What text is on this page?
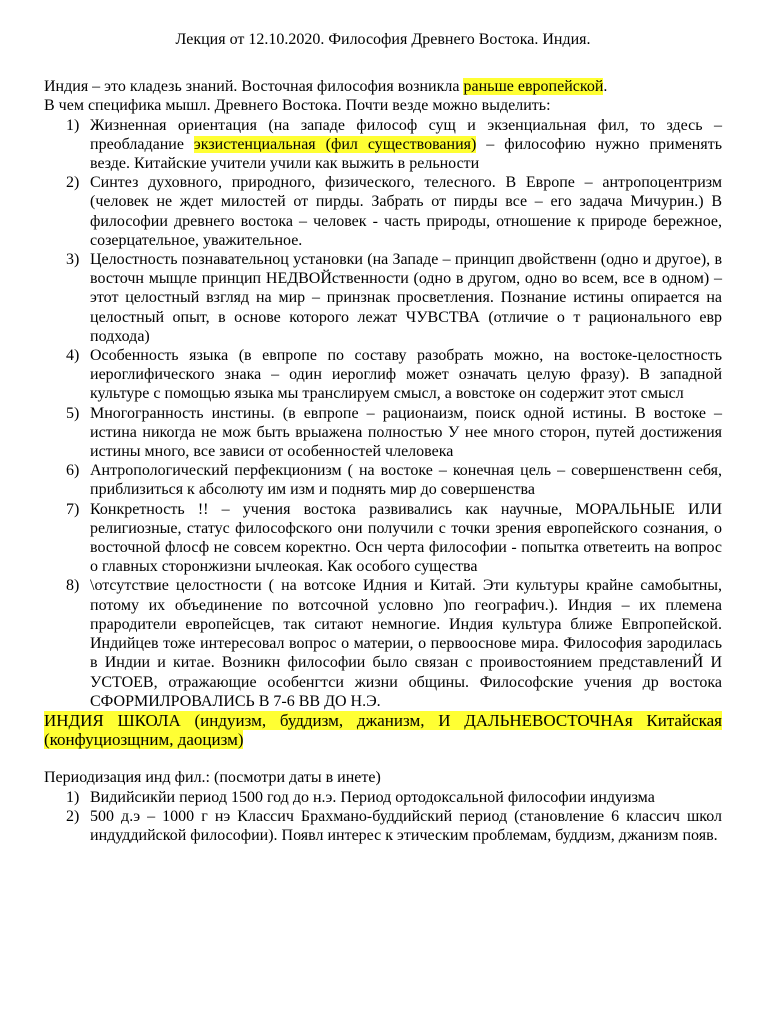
Лекция от 12.10.2020. Философия Древнего Востока. Индия.

Индия – это кладезь знаний. Восточная философия возникла раньше европейской.

В чем специфика мышл. Древнего Востока. Почти везде можно выделить:

1) Жизненная ориентация (на западе философ сущ и экзенциальная фил, то здесь – преобладание экзистенциальная (фил существования) – философию нужно применять везде. Китайские учители учили как выжить в рельности
2) Синтез духовного, природного, физического, телесного. В Европе – антропоцентризм (человек не ждет милостей от пирды. Забрать от пирды все – его задача Мичурин.) В философии древнего востока – человек - часть природы, отношение к природе бережное, созерцательное, уважительное.
3) Целостность познавательноц установки (на Западе – принцип двойственн (одно и другое), в восточн мыщле принцип НЕДВОЙственности (одно в другом, одно во всем, все в одном) – этот целостный взгляд на мир – принзнак просветления. Познание истины опирается на целостный опыт, в основе которого лежат ЧУВСТВА (отличие о т рационального евр подхода)
4) Особенность языка (в евпропе по составу разобрать можно, на востоке-целостность иероглифического знака – один иероглиф может означать целую фразу). В западной культуре с помощью языка мы транслируем смысл, а вовстоке он содержит этот смысл
5) Многогранность инстины. (в евпропе – рационаизм, поиск одной истины. В востоке – истина никогда не мож быть врыажена полностью У нее много сторон, путей достижения истины много, все зависи от особенностей члеловека
6) Антропологический перфекционизм ( на востоке – конечная цель – совершенственн себя, приблизиться к абсолюту им изм и поднять мир до совершенства
7) Конкретность !! – учения востока развивались как научные, МОРАЛЬНЫЕ ИЛИ религиозные, статус философского они получили с точки зрения европейского сознания, о восточной флосф не совсем коректно. Осн черта философии - попытка ответеить на вопрос о главных сторонжизни ычлеокая. Как особого существа
8) \отсутствие целостности ( на вотсоке Идния и Китай. Эти культуры крайне самобытны, потому их объединение по вотсочной условно )по географич.). Индия – их племена прародители европейсцев, так ситают немногие. Индия культура ближе Евпропейской. Индийцев тоже интересовал вопрос о материи, о первооснове мира. Философия зародилась в Индии и китае. Возникн философии было связан с проивостоянием представлениЙ И УСТОЕВ, отражающие особенгтси жизни общины. Философские учения др востока СФОРМИЛРОВАЛИСЬ В 7-6 ВВ ДО Н.Э.

ИНДИЯ ШКОЛА (индуизм, буддизм, джанизм, И ДАЛЬНЕВОСТОЧНАя Китайская (конфуциозщним, даоцизм)

Периодизация инд фил.: (посмотри даты в инете)

1) Видийсикйи период 1500 год до н.э. Период ортодоксальной философии индуизма
2) 500 д.э – 1000 г нэ Классич Брахмано-буддийский период (становление 6 классич школ индуддийской философии). Появл интерес к этическим проблемам, буддизм, джанизм появ.
